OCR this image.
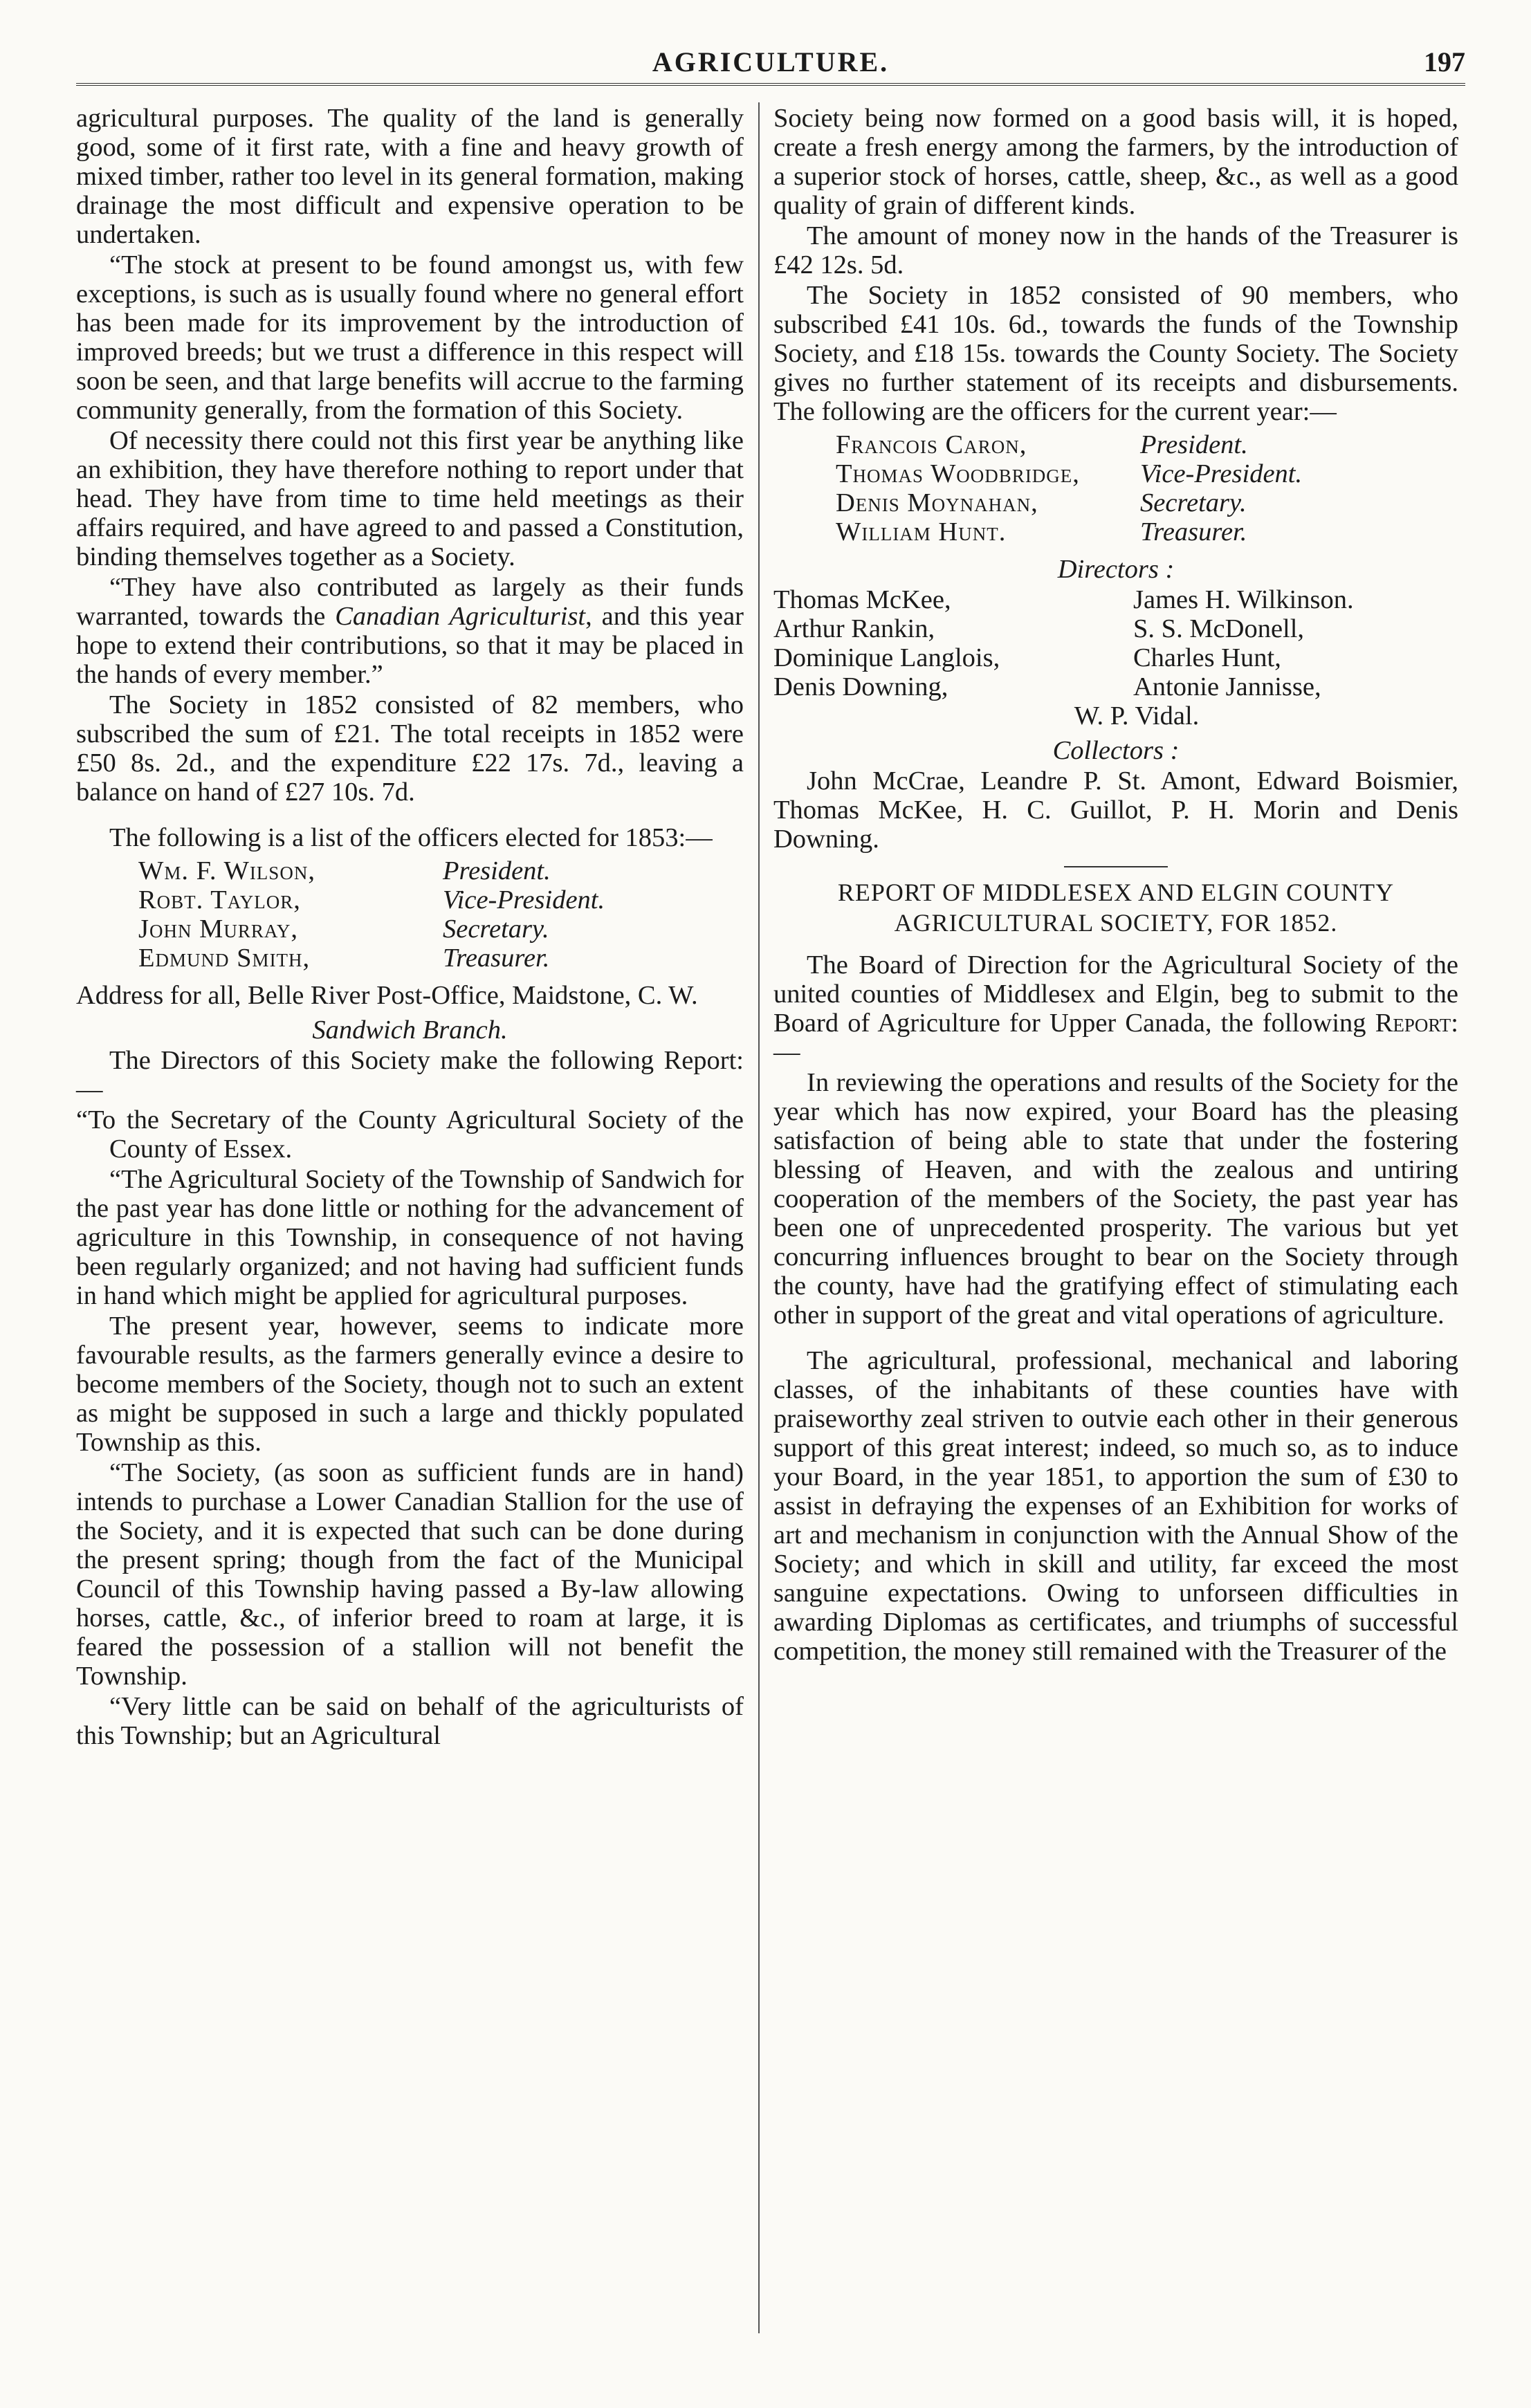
AGRICULTURE.	197

agricultural purposes. The quality of the land is generally good, some of it first rate, with a fine and heavy growth of mixed timber, rather too level in its general formation, making drainage the most difficult and expensive operation to be undertaken.

“The stock at present to be found amongst us, with few exceptions, is such as is usually found where no general effort has been made for its improvement by the introduction of improved breeds; but we trust a difference in this respect will soon be seen, and that large benefits will accrue to the farming community generally, from the formation of this Society.

Of necessity there could not this first year be anything like an exhibition, they have therefore nothing to report under that head. They have from time to time held meetings as their affairs required, and have agreed to and passed a Constitution, binding themselves together as a Society.

“They have also contributed as largely as their funds warranted, towards the Canadian Agriculturist, and this year hope to extend their contributions, so that it may be placed in the hands of every member.”

The Society in 1852 consisted of 82 members, who subscribed the sum of £21. The total receipts in 1852 were £50 8s. 2d., and the expenditure £22 17s. 7d., leaving a balance on hand of £27 10s. 7d.

The following is a list of the officers elected for 1853:—

Wm. F. Wilson,	President.
Robt. Taylor,	Vice-President.
John Murray,	Secretary.
Edmund Smith,	Treasurer.

Address for all, Belle River Post-Office, Maidstone, C. W.

Sandwich Branch.

The Directors of this Society make the following Report:—

“To the Secretary of the County Agricultural Society of the County of Essex.

“The Agricultural Society of the Township of Sandwich for the past year has done little or nothing for the advancement of agriculture in this Township, in consequence of not having been regularly organized; and not having had sufficient funds in hand which might be applied for agricultural purposes.

The present year, however, seems to indicate more favourable results, as the farmers generally evince a desire to become members of the Society, though not to such an extent as might be supposed in such a large and thickly populated Township as this.

“The Society, (as soon as sufficient funds are in hand) intends to purchase a Lower Canadian Stallion for the use of the Society, and it is expected that such can be done during the present spring; though from the fact of the Municipal Council of this Township having passed a By-law allowing horses, cattle, &c., of inferior breed to roam at large, it is feared the possession of a stallion will not benefit the Township.

“Very little can be said on behalf of the agriculturists of this Township; but an Agricultural

Society being now formed on a good basis will, it is hoped, create a fresh energy among the farmers, by the introduction of a superior stock of horses, cattle, sheep, &c., as well as a good quality of grain of different kinds.

The amount of money now in the hands of the Treasurer is £42 12s. 5d.

The Society in 1852 consisted of 90 members, who subscribed £41 10s. 6d., towards the funds of the Township Society, and £18 15s. towards the County Society. The Society gives no further statement of its receipts and disbursements. The following are the officers for the current year:—

Francois Caron,	President.
Thomas Woodbridge,	Vice-President.
Denis Moynahan,	Secretary.
William Hunt.	Treasurer.
Directors :
Thomas McKee,	James H. Wilkinson.
Arthur Rankin,	S. S. McDonell,
Dominique Langlois,	Charles Hunt,
Denis Downing,	Antonie Jannisse,
W. P. Vidal.
Collectors :

John McCrae, Leandre P. St. Amont, Edward Boismier, Thomas McKee, H. C. Guillot, P. H. Morin and Denis Downing.

REPORT OF MIDDLESEX AND ELGIN COUNTY
AGRICULTURAL SOCIETY, FOR 1852.

The Board of Direction for the Agricultural Society of the united counties of Middlesex and Elgin, beg to submit to the Board of Agriculture for Upper Canada, the following Report:—

In reviewing the operations and results of the Society for the year which has now expired, your Board has the pleasing satisfaction of being able to state that under the fostering blessing of Heaven, and with the zealous and untiring cooperation of the members of the Society, the past year has been one of unprecedented prosperity. The various but yet concurring influences brought to bear on the Society through the county, have had the gratifying effect of stimulating each other in support of the great and vital operations of agriculture.

The agricultural, professional, mechanical and laboring classes, of the inhabitants of these counties have with praiseworthy zeal striven to outvie each other in their generous support of this great interest; indeed, so much so, as to induce your Board, in the year 1851, to apportion the sum of £30 to assist in defraying the expenses of an Exhibition for works of art and mechanism in conjunction with the Annual Show of the Society; and which in skill and utility, far exceed the most sanguine expectations. Owing to unforseen difficulties in awarding Diplomas as certificates, and triumphs of successful competition, the money still remained with the Treasurer of the
